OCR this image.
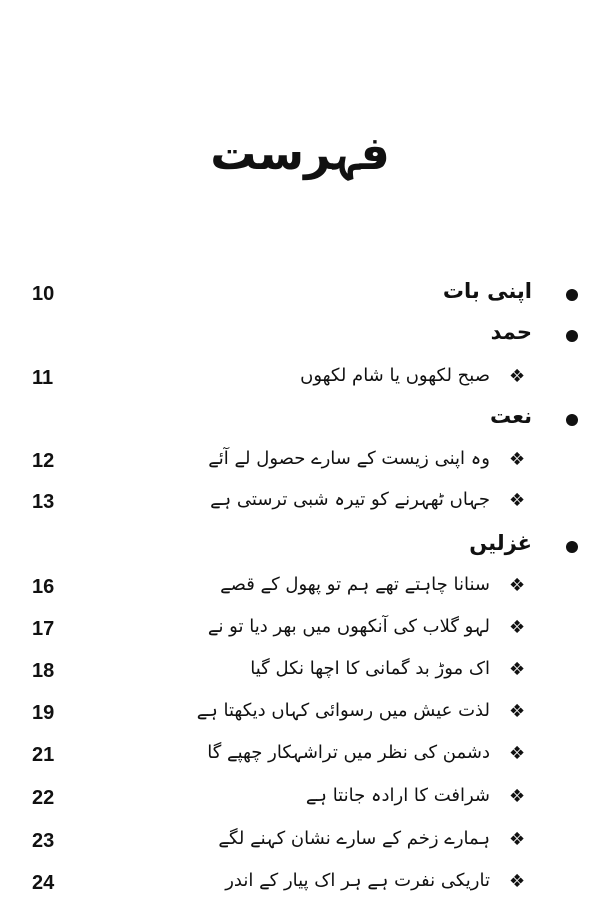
فہرست
10	اپنی بات
حمد
11	صبح لکھوں یا شام لکھوں ❖
نعت
12	وہ اپنی زیست کے سارے حصول لے آئے ❖
13	جہاں ٹھہرنے کو تیرہ شبی ترستی ہے ❖
غزلیں
16	سنانا چاہتے تھے ہم تو پھول کے قصے ❖
17	لہو گلاب کی آنکھوں میں بھر دیا تو نے ❖
18	اک موڑ بد گمانی کا اچھا نکل گیا ❖
19	لذت عیش میں رسوائی کہاں دیکھتا ہے ❖
21	دشمن کی نظر میں تراشہکار چھپے گا ❖
22	شرافت کا ارادہ جانتا ہے ❖
23	ہمارے زخم کے سارے نشان کہنے لگے ❖
24	تاریکی نفرت ہے ہر اک پیار کے اندر ❖
